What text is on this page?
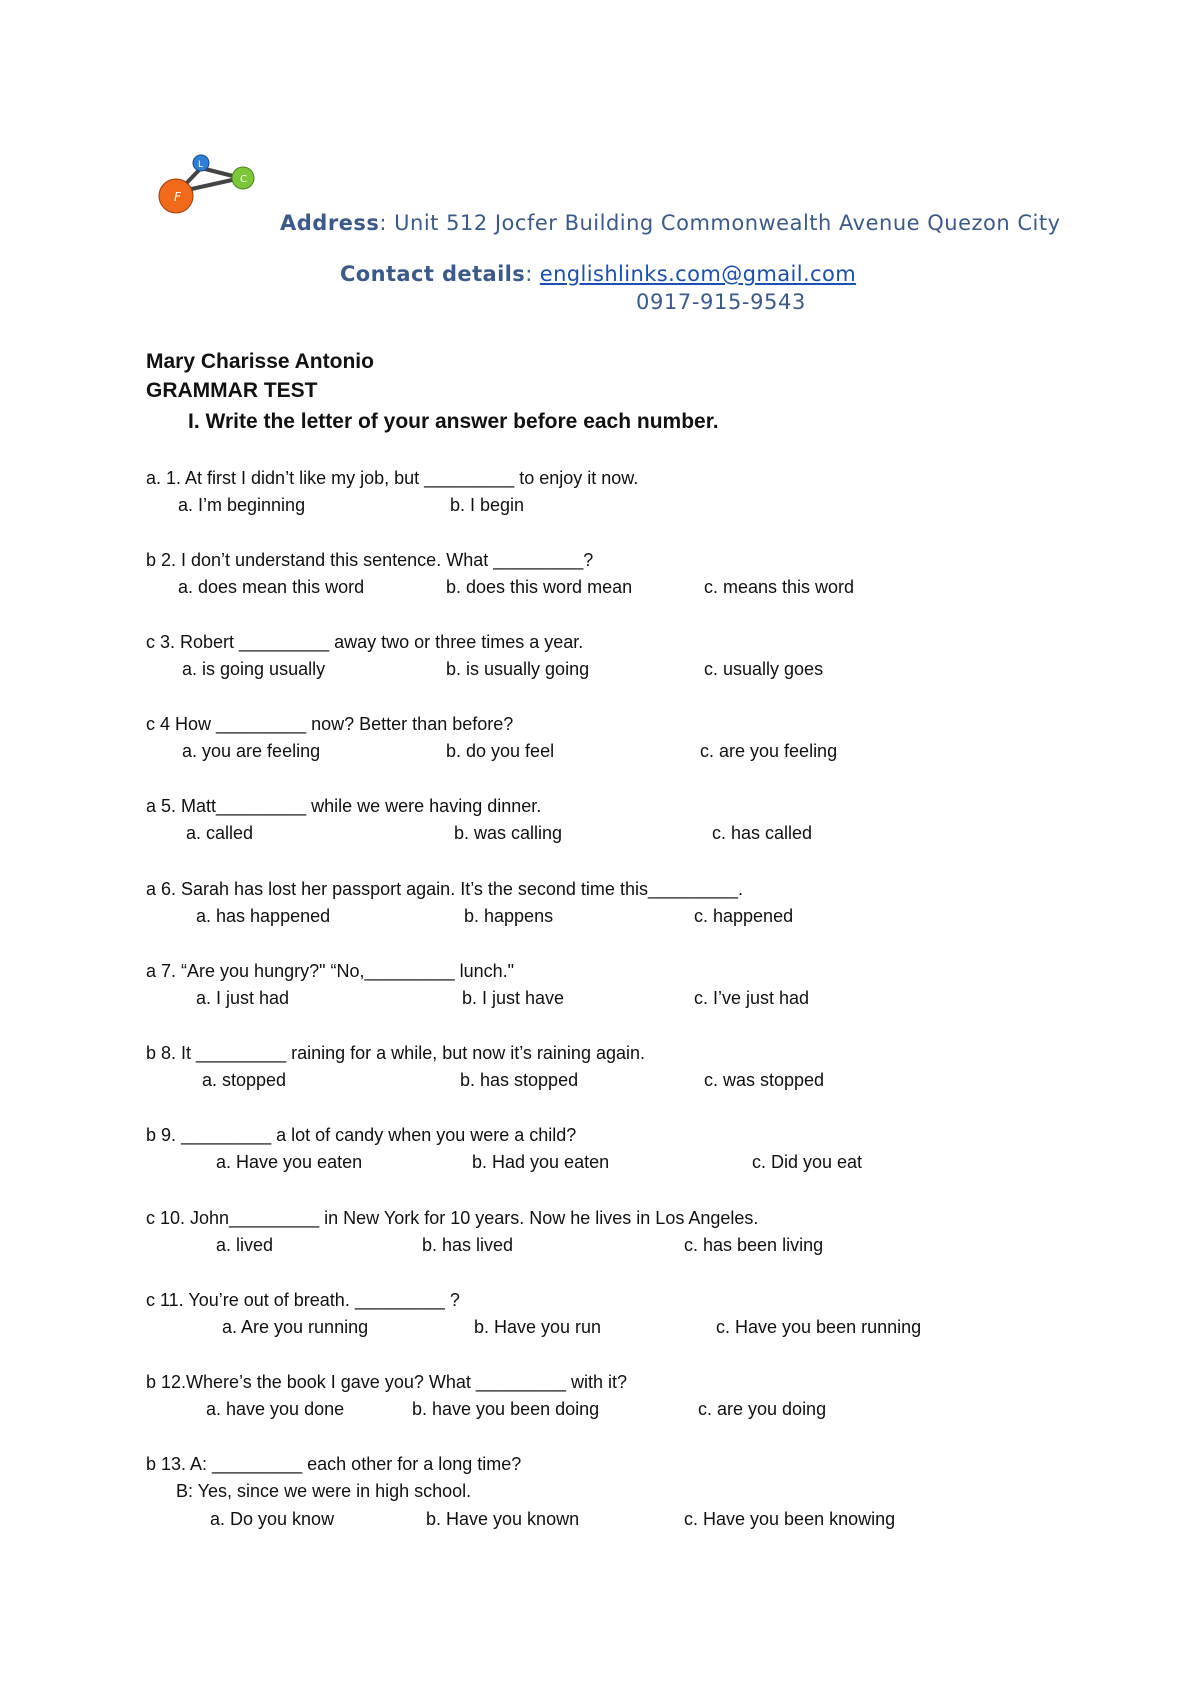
F
L
C
Address: Unit 512 Jocfer Building Commonwealth Avenue Quezon City
Contact details: englishlinks.com@gmail.com
0917-915-9543
Mary Charisse Antonio
GRAMMAR TEST
I. Write the letter of your answer before each number.
a. 1. At first I didn’t like my job, but _________ to enjoy it now.
a. I’m beginning	b. I begin
b 2. I don’t understand this sentence. What _________?
a. does mean this word	b. does this word mean	c. means this word
c 3. Robert _________ away two or three times a year.
a. is going usually	b. is usually going	c. usually goes
c 4 How _________ now? Better than before?
a. you are feeling	b. do you feel	c. are you feeling
a 5. Matt_________ while we were having dinner.
a. called	b. was calling	c. has called
a 6. Sarah has lost her passport again. It’s the second time this_________.
a. has happened	b. happens	c. happened
a 7. “Are you hungry?" “No,_________ lunch."
a. I just had	b. I just have	c. I’ve just had
b 8. It _________ raining for a while, but now it’s raining again.
a. stopped	b. has stopped	c. was stopped
b 9. _________ a lot of candy when you were a child?
a. Have you eaten	b. Had you eaten	c. Did you eat
c 10. John_________ in New York for 10 years. Now he lives in Los Angeles.
a. lived	b. has lived	c. has been living
c 11. You’re out of breath. _________ ?
a. Are you running	b. Have you run	c. Have you been running
b 12.Where’s the book I gave you? What _________ with it?
a. have you done	b. have you been doing	c. are you doing
b 13. A: _________ each other for a long time?
B: Yes, since we were in high school.
a. Do you know	b. Have you known	c. Have you been knowing
